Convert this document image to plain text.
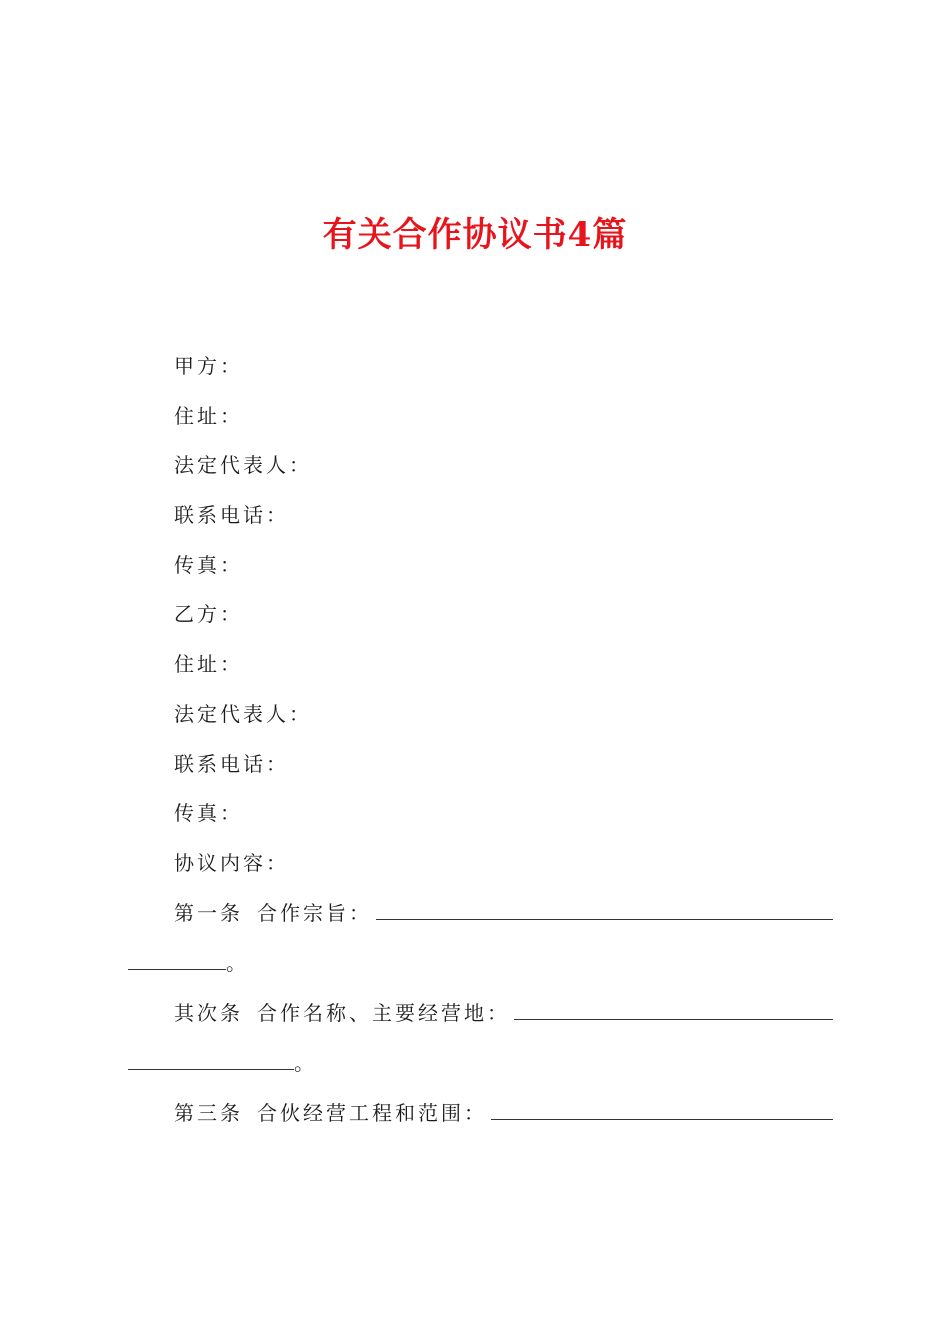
有关合作协议书4篇
甲方：
住址：
法定代表人：
联系电话：
传真：
乙方：
住址：
法定代表人：
联系电话：
传真：
协议内容：
第一条 合作宗旨：
。
其次条 合作名称、主要经营地：
。
第三条 合伙经营工程和范围：
